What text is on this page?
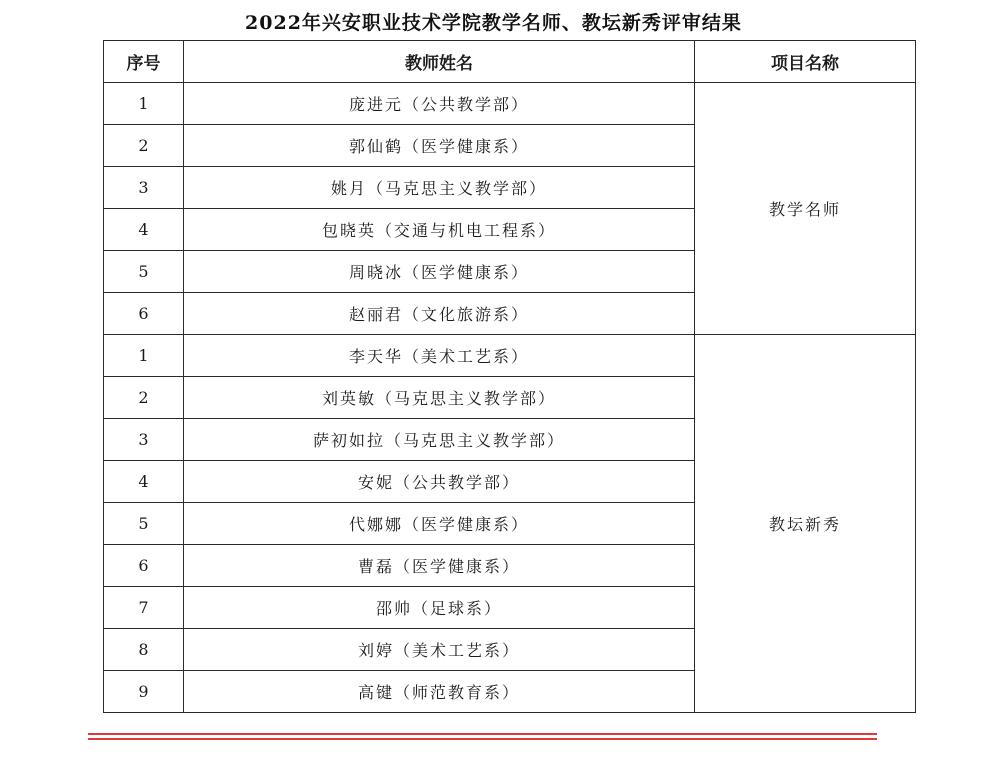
2022年兴安职业技术学院教学名师、教坛新秀评审结果
序号	教师姓名	项目名称
1	庞进元（公共教学部）	教学名师
2	郭仙鹤（医学健康系）	
3	姚月（马克思主义教学部）	
4	包晓英（交通与机电工程系）	
5	周晓冰（医学健康系）	
6	赵丽君（文化旅游系）	
1	李天华（美术工艺系）	教坛新秀
2	刘英敏（马克思主义教学部）	
3	萨初如拉（马克思主义教学部）	
4	安妮（公共教学部）	
5	代娜娜（医学健康系）	
6	曹磊（医学健康系）	
7	邵帅（足球系）	
8	刘婷（美术工艺系）	
9	高键（师范教育系）	
